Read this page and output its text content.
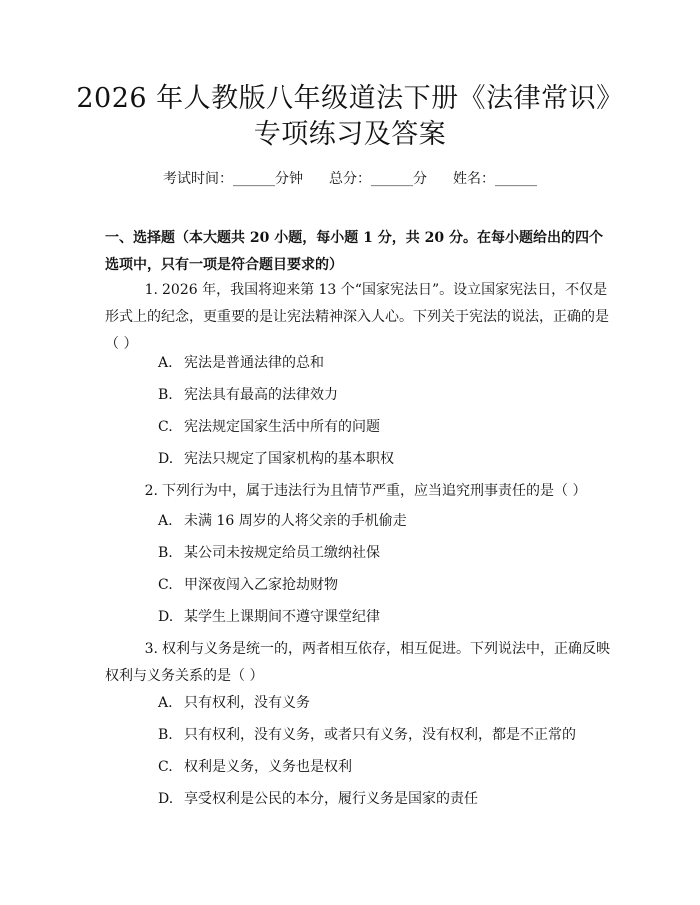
2026 年人教版八年级道法下册《法律常识》
专项练习及答案
考试时间：______分钟 总分：______分 姓名：______
一、选择题（本大题共 20 小题，每小题 1 分，共 20 分。在每小题给出的四个选项中，只有一项是符合题目要求的）
1. 2026 年，我国将迎来第 13 个“国家宪法日”。设立国家宪法日，不仅是形式上的纪念，更重要的是让宪法精神深入人心。下列关于宪法的说法，正确的是（ ）
A. 宪法是普通法律的总和
B. 宪法具有最高的法律效力
C. 宪法规定国家生活中所有的问题
D. 宪法只规定了国家机构的基本职权
2. 下列行为中，属于违法行为且情节严重，应当追究刑事责任的是（ ）
A. 未满 16 周岁的人将父亲的手机偷走
B. 某公司未按规定给员工缴纳社保
C. 甲深夜闯入乙家抢劫财物
D. 某学生上课期间不遵守课堂纪律
3. 权利与义务是统一的，两者相互依存，相互促进。下列说法中，正确反映权利与义务关系的是（ ）
A. 只有权利，没有义务
B. 只有权利，没有义务，或者只有义务，没有权利，都是不正常的
C. 权利是义务，义务也是权利
D. 享受权利是公民的本分，履行义务是国家的责任
